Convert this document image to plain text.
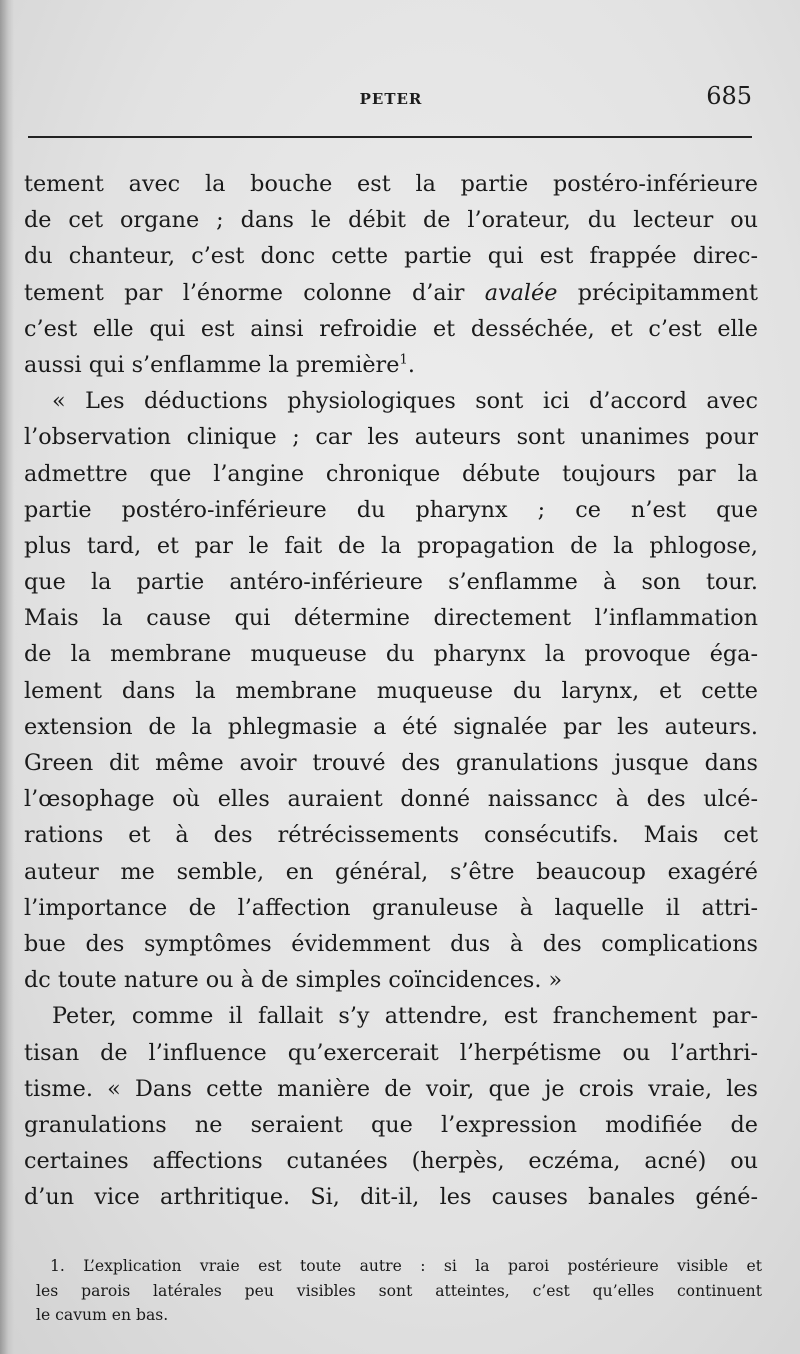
PETER	685
tement avec la bouche est la partie postéro-inférieure
de cet organe ; dans le débit de l’orateur, du lecteur ou
du chanteur, c’est donc cette partie qui est frappée direc-
tement par l’énorme colonne d’air avalée précipitamment
c’est elle qui est ainsi refroidie et desséchée, et c’est elle
aussi qui s’enflamme la première$^1$.
« Les déductions physiologiques sont ici d’accord avec
l’observation clinique ; car les auteurs sont unanimes pour
admettre que l’angine chronique débute toujours par la
partie postéro-inférieure du pharynx ; ce n’est que
plus tard, et par le fait de la propagation de la phlogose,
que la partie antéro-inférieure s’enflamme à son tour.
Mais la cause qui détermine directement l’inflammation
de la membrane muqueuse du pharynx la provoque éga-
lement dans la membrane muqueuse du larynx, et cette
extension de la phlegmasie a été signalée par les auteurs.
Green dit même avoir trouvé des granulations jusque dans
l’œsophage où elles auraient donné naissancc à des ulcé-
rations et à des rétrécissements consécutifs. Mais cet
auteur me semble, en général, s’être beaucoup exagéré
l’importance de l’affection granuleuse à laquelle il attri-
bue des symptômes évidemment dus à des complications
dc toute nature ou à de simples coïncidences. »
Peter, comme il fallait s’y attendre, est franchement par-
tisan de l’influence qu’exercerait l’herpétisme ou l’arthri-
tisme. « Dans cette manière de voir, que je crois vraie, les
granulations ne seraient que l’expression modifiée de
certaines affections cutanées (herpès, eczéma, acné) ou
d’un vice arthritique. Si, dit-il, les causes banales géné-
1. L’explication vraie est toute autre : si la paroi postérieure visible et
les parois latérales peu visibles sont atteintes, c’est qu’elles continuent
le cavum en bas.
